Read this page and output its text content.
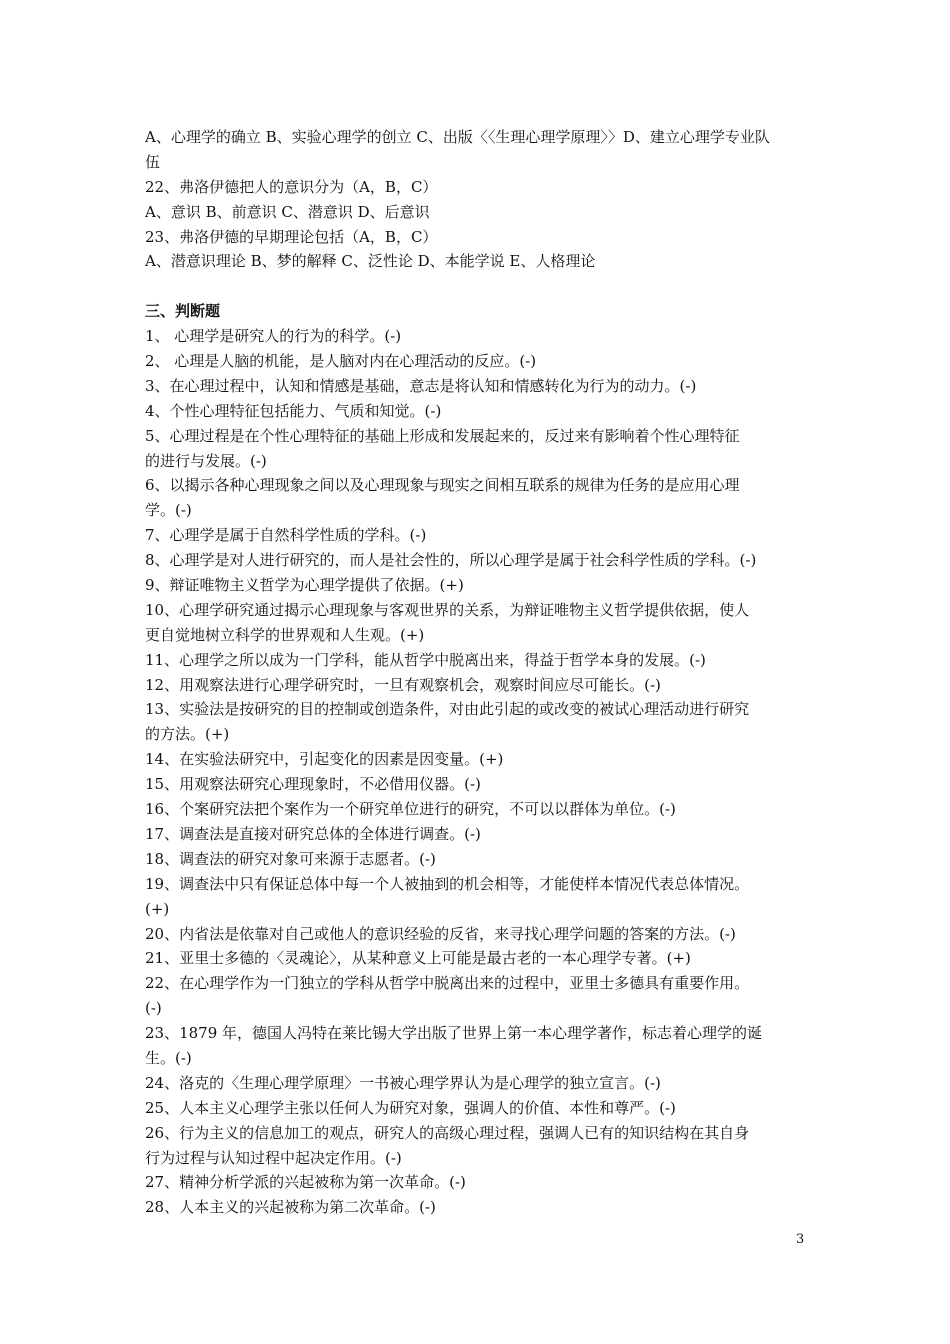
A、心理学的确立 B、实验心理学的创立 C、出版〈〈生理心理学原理〉〉D、建立心理学专业队
伍
22、弗洛伊德把人的意识分为（A，B，C）
A、意识 B、前意识 C、潜意识 D、后意识
23、弗洛伊德的早期理论包括（A，B，C）
A、潜意识理论 B、梦的解释 C、泛性论 D、本能学说 E、人格理论
三、判断题
1、 心理学是研究人的行为的科学。(-)
2、 心理是人脑的机能，是人脑对内在心理活动的反应。(-)
3、在心理过程中，认知和情感是基础，意志是将认知和情感转化为行为的动力。(-)
4、个性心理特征包括能力、气质和知觉。(-)
5、心理过程是在个性心理特征的基础上形成和发展起来的，反过来有影响着个性心理特征
的进行与发展。(-)
6、以揭示各种心理现象之间以及心理现象与现实之间相互联系的规律为任务的是应用心理
学。(-)
7、心理学是属于自然科学性质的学科。(-)
8、心理学是对人进行研究的，而人是社会性的，所以心理学是属于社会科学性质的学科。(-)
9、辩证唯物主义哲学为心理学提供了依据。(+)
10、心理学研究通过揭示心理现象与客观世界的关系，为辩证唯物主义哲学提供依据，使人
更自觉地树立科学的世界观和人生观。(+)
11、心理学之所以成为一门学科，能从哲学中脱离出来，得益于哲学本身的发展。(-)
12、用观察法进行心理学研究时，一旦有观察机会，观察时间应尽可能长。(-)
13、实验法是按研究的目的控制或创造条件，对由此引起的或改变的被试心理活动进行研究
的方法。(+)
14、在实验法研究中，引起变化的因素是因变量。(+)
15、用观察法研究心理现象时，不必借用仪器。(-)
16、个案研究法把个案作为一个研究单位进行的研究，不可以以群体为单位。(-)
17、调查法是直接对研究总体的全体进行调查。(-)
18、调查法的研究对象可来源于志愿者。(-)
19、调查法中只有保证总体中每一个人被抽到的机会相等，才能使样本情况代表总体情况。
(+)
20、内省法是依靠对自己或他人的意识经验的反省，来寻找心理学问题的答案的方法。(-)
21、亚里士多德的〈灵魂论〉，从某种意义上可能是最古老的一本心理学专著。(+)
22、在心理学作为一门独立的学科从哲学中脱离出来的过程中，亚里士多德具有重要作用。
(-)
23、1879 年，德国人冯特在莱比锡大学出版了世界上第一本心理学著作，标志着心理学的诞
生。(-)
24、洛克的〈生理心理学原理〉一书被心理学界认为是心理学的独立宣言。(-)
25、人本主义心理学主张以任何人为研究对象，强调人的价值、本性和尊严。(-)
26、行为主义的信息加工的观点，研究人的高级心理过程，强调人已有的知识结构在其自身
行为过程与认知过程中起决定作用。(-)
27、精神分析学派的兴起被称为第一次革命。(-)
28、人本主义的兴起被称为第二次革命。(-)
3
